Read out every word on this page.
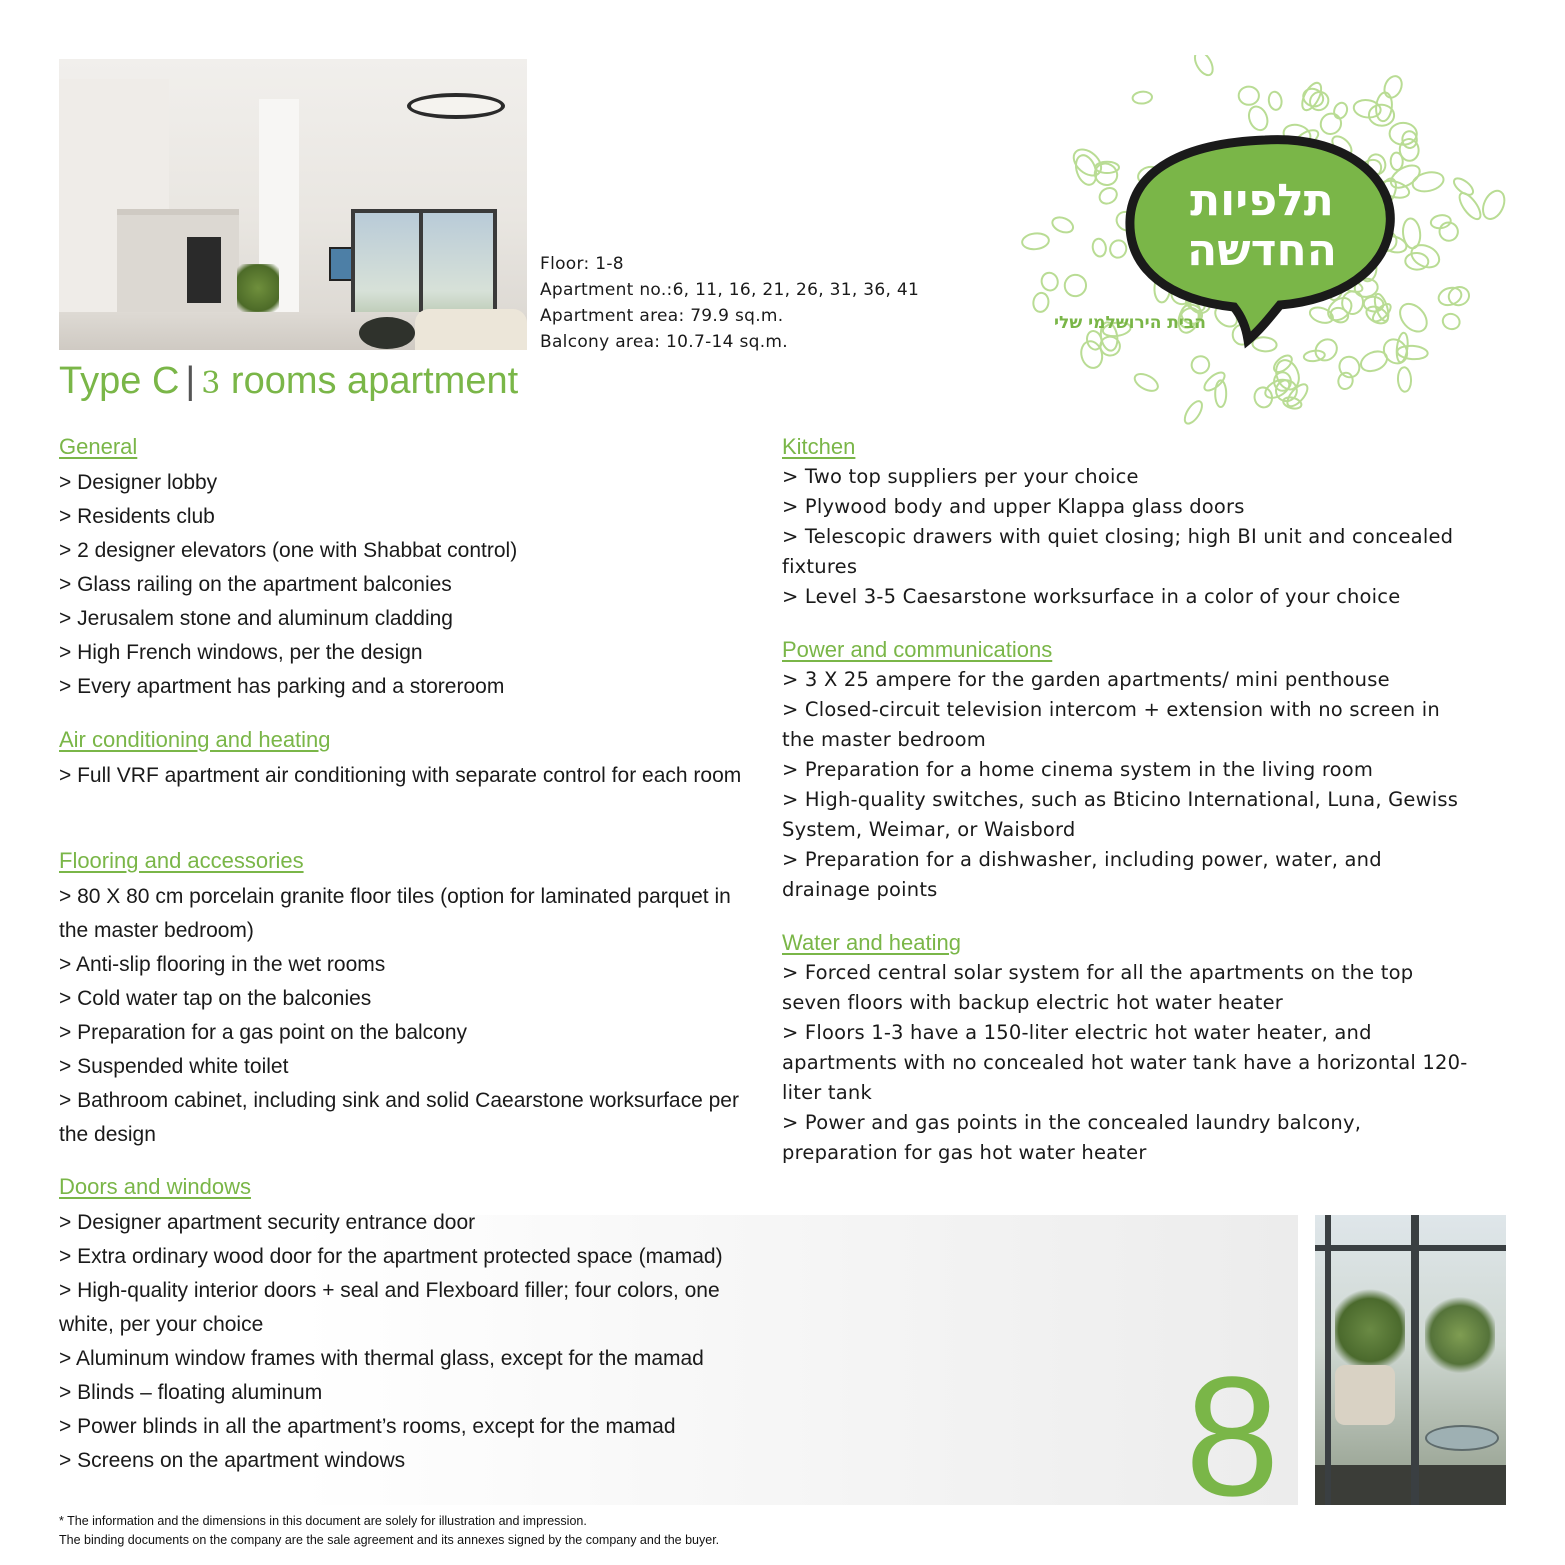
Floor: 1-8
Apartment no.:6, 11, 16, 21, 26, 31, 36, 41
Apartment area: 79.9 sq.m.
Balcony area: 10.7-14 sq.m.
תלפיות
החדשה
הבית הירושלמי שלי
Type C | 3 rooms apartment
General
> Designer lobby
> Residents club
> 2 designer elevators (one with Shabbat control)
> Glass railing on the apartment balconies
> Jerusalem stone and aluminum cladding
> High French windows, per the design
> Every apartment has parking and a storeroom
Air conditioning and heating
> Full VRF apartment air conditioning with separate control for each room
Flooring and accessories
> 80 X 80 cm porcelain granite floor tiles (option for laminated parquet in the master bedroom)
> Anti-slip flooring in the wet rooms
> Cold water tap on the balconies
> Preparation for a gas point on the balcony
> Suspended white toilet
> Bathroom cabinet, including sink and solid Caearstone worksurface per the design
8
Doors and windows
> Designer apartment security entrance door
> Extra ordinary wood door for the apartment protected space (mamad)
> High-quality interior doors + seal and Flexboard filler; four colors, one white, per your choice
> Aluminum window frames with thermal glass, except for the mamad
> Blinds – floating aluminum
> Power blinds in all the apartment’s rooms, except for the mamad
> Screens on the apartment windows
Kitchen
> Two top suppliers per your choice
> Plywood body and upper Klappa glass doors
> Telescopic drawers with quiet closing; high BI unit and concealed fixtures
> Level 3-5 Caesarstone worksurface in a color of your choice
Power and communications
> 3 X 25 ampere for the garden apartments/ mini penthouse
> Closed-circuit television intercom + extension with no screen in the master bedroom
> Preparation for a home cinema system in the living room
> High-quality switches, such as Bticino International, Luna, Gewiss System, Weimar, or Waisbord
> Preparation for a dishwasher, including power, water, and drainage points
Water and heating
> Forced central solar system for all the apartments on the top seven floors with backup electric hot water heater
> Floors 1-3 have a 150-liter electric hot water heater, and apartments with no concealed hot water tank have a horizontal 120-liter tank
> Power and gas points in the concealed laundry balcony, preparation for gas hot water heater
* The information and the dimensions in this document are solely for illustration and impression.
The binding documents on the company are the sale agreement and its annexes signed by the company and the buyer.
